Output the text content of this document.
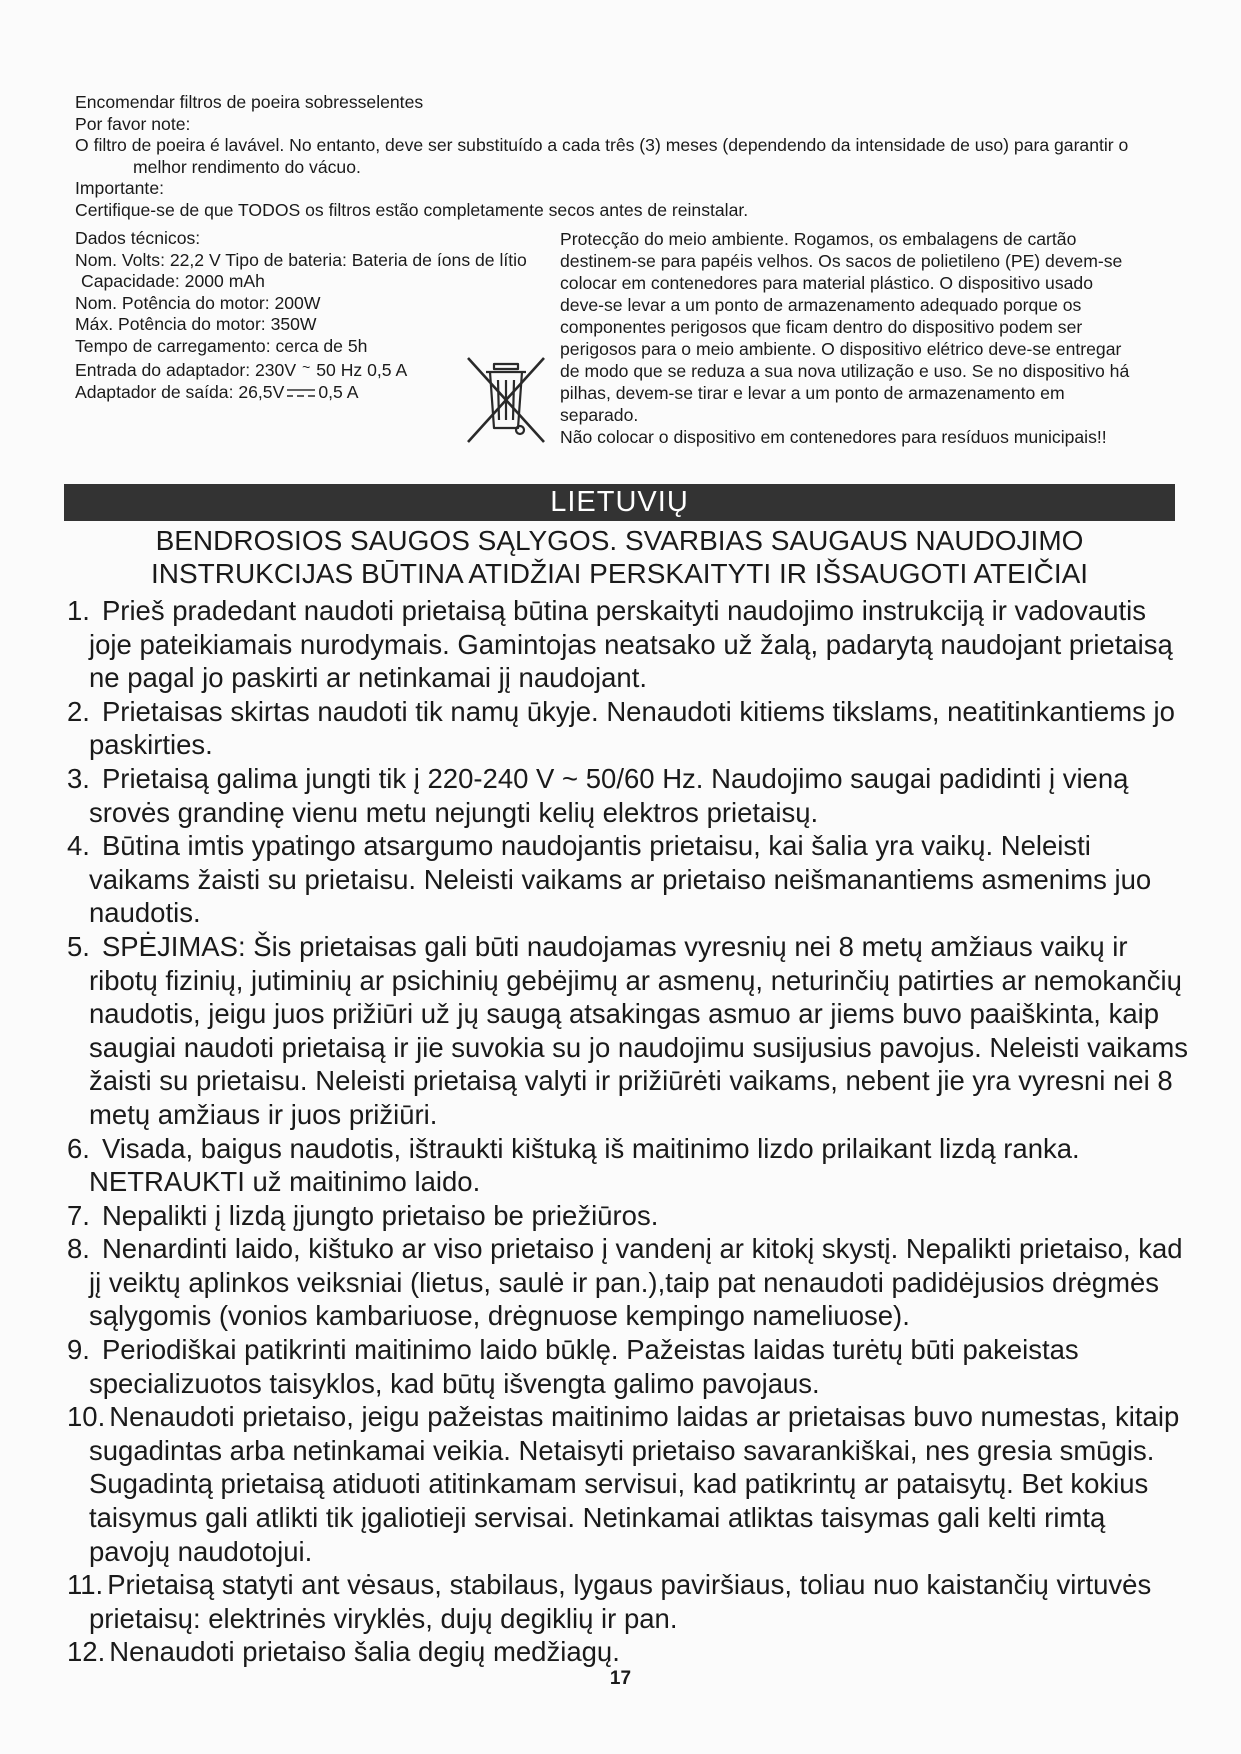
Encomendar filtros de poeira sobresselentes
Por favor note:
O filtro de poeira é lavável. No entanto, deve ser substituído a cada três (3) meses (dependendo da intensidade de uso) para garantir o
melhor rendimento do vácuo.
Importante:
Certifique-se de que TODOS os filtros estão completamente secos antes de reinstalar.
Dados técnicos:
Nom. Volts: 22,2 V Tipo de bateria: Bateria de íons de lítio
Capacidade: 2000 mAh
Nom. Potência do motor: 200W
Máx. Potência do motor: 350W
Tempo de carregamento: cerca de 5h
Entrada do adaptador: 230V ~ 50 Hz 0,5 A
Adaptador de saída: 26,5V 0,5 A
Protecção do meio ambiente. Rogamos, os embalagens de cartão
destinem-se para papéis velhos. Os sacos de polietileno (PE) devem-se
colocar em contenedores para material plástico. O dispositivo usado
deve-se levar a um ponto de armazenamento adequado porque os
componentes perigosos que ficam dentro do dispositivo podem ser
perigosos para o meio ambiente. O dispositivo elétrico deve-se entregar
de modo que se reduza a sua nova utilização e uso. Se no dispositivo há
pilhas, devem-se tirar e levar a um ponto de armazenamento em
separado.
Não colocar o dispositivo em contenedores para resíduos municipais!!
LIETUVIŲ
BENDROSIOS SAUGOS SĄLYGOS. SVARBIAS SAUGAUS NAUDOJIMO
INSTRUKCIJAS BŪTINA ATIDŽIAI PERSKAITYTI IR IŠSAUGOTI ATEIČIAI
1. Prieš pradedant naudoti prietaisą būtina perskaityti naudojimo instrukciją ir vadovautis
joje pateikiamais nurodymais. Gamintojas neatsako už žalą, padarytą naudojant prietaisą
ne pagal jo paskirti ar netinkamai jį naudojant.
2. Prietaisas skirtas naudoti tik namų ūkyje. Nenaudoti kitiems tikslams, neatitinkantiems jo
paskirties.
3. Prietaisą galima jungti tik į 220-240 V ~ 50/60 Hz. Naudojimo saugai padidinti į vieną
srovės grandinę vienu metu nejungti kelių elektros prietaisų.
4. Būtina imtis ypatingo atsargumo naudojantis prietaisu, kai šalia yra vaikų. Neleisti
vaikams žaisti su prietaisu. Neleisti vaikams ar prietaiso neišmanantiems asmenims juo
naudotis.
5. SPĖJIMAS: Šis prietaisas gali būti naudojamas vyresnių nei 8 metų amžiaus vaikų ir
ribotų fizinių, jutiminių ar psichinių gebėjimų ar asmenų, neturinčių patirties ar nemokančių
naudotis, jeigu juos prižiūri už jų saugą atsakingas asmuo ar jiems buvo paaiškinta, kaip
saugiai naudoti prietaisą ir jie suvokia su jo naudojimu susijusius pavojus. Neleisti vaikams
žaisti su prietaisu. Neleisti prietaisą valyti ir prižiūrėti vaikams, nebent jie yra vyresni nei 8
metų amžiaus ir juos prižiūri.
6. Visada, baigus naudotis, ištraukti kištuką iš maitinimo lizdo prilaikant lizdą ranka.
NETRAUKTI už maitinimo laido.
7. Nepalikti į lizdą įjungto prietaiso be priežiūros.
8. Nenardinti laido, kištuko ar viso prietaiso į vandenį ar kitokį skystį. Nepalikti prietaiso, kad
jį veiktų aplinkos veiksniai (lietus, saulė ir pan.),taip pat nenaudoti padidėjusios drėgmės
sąlygomis (vonios kambariuose, drėgnuose kempingo nameliuose).
9. Periodiškai patikrinti maitinimo laido būklę. Pažeistas laidas turėtų būti pakeistas
specializuotos taisyklos, kad būtų išvengta galimo pavojaus.
10. Nenaudoti prietaiso, jeigu pažeistas maitinimo laidas ar prietaisas buvo numestas, kitaip
sugadintas arba netinkamai veikia. Netaisyti prietaiso savarankiškai, nes gresia smūgis.
Sugadintą prietaisą atiduoti atitinkamam servisui, kad patikrintų ar pataisytų. Bet kokius
taisymus gali atlikti tik įgaliotieji servisai. Netinkamai atliktas taisymas gali kelti rimtą
pavojų naudotojui.
11. Prietaisą statyti ant vėsaus, stabilaus, lygaus paviršiaus, toliau nuo kaistančių virtuvės
prietaisų: elektrinės viryklės, dujų degiklių ir pan.
12. Nenaudoti prietaiso šalia degių medžiagų.
17
